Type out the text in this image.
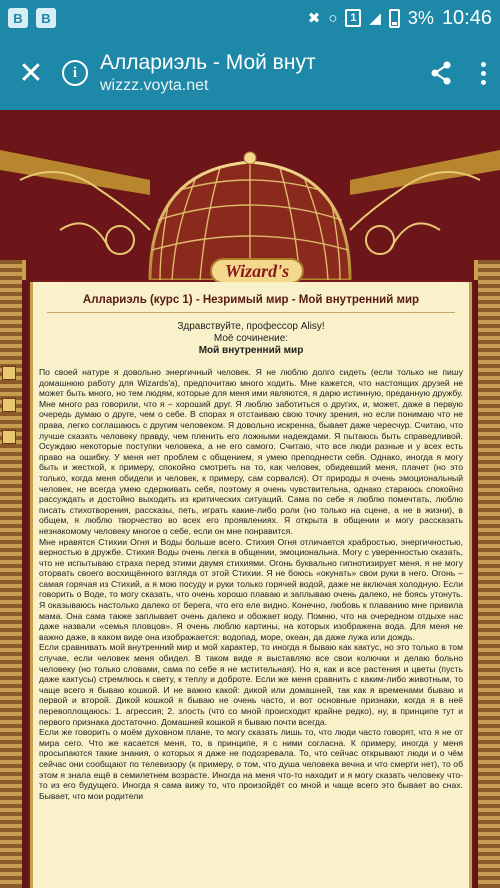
В	В	✖ ○	1 ◢ 3% 10:46
✕	i	Аллариэль - Мой внут
wizzz.voyta.net
Wizard's
Аллариэль (курс 1) - Незримый мир - Мой внутренний мир
Здравствуйте, профессор Alisy!
Моё сочинение:
Мой внутренний мир

По своей натуре я довольно энергичный человек. Я не люблю долго сидеть (если только не пишу домашнюю работу для Wizards'a), предпочитаю много ходить. Мне кажется, что настоящих друзей не может быть много, но тем людям, которые для меня ими являются, я дарю истинную, преданную дружбу. Мне много раз говорили, что я – хороший друг. Я люблю заботиться о других, и, может, даже в первую очередь думаю о друге, чем о себе. В спорах я отстаиваю свою точку зрения, но если понимаю что не права, легко соглашаюсь с другим человеком. Я довольно искренна, бывает даже чересчур. Считаю, что лучше сказать человеку правду, чем пленить его ложными надеждами. Я пытаюсь быть справедливой. Осуждаю некоторые поступки человека, а не его самого. Считаю, что все люди разные и у всех есть право на ошибку. У меня нет проблем с общением, я умею преподнести себя. Однако, иногда я могу быть и жесткой, к примеру, спокойно смотреть на то, как человек, обидевший меня, плачет (но это только, когда меня обидели и человек, к примеру, сам сорвался). От природы я очень эмоциональный человек, не всегда умею сдерживать себя, поэтому я очень чувствительна, однако стараюсь спокойно рассуждать и достойно выходить из критических ситуаций. Сама по себе я люблю помечтать, люблю писать стихотворения, рассказы, петь, играть какие-либо роли (но только на сцене, а не в жизни), в общем, я люблю творчество во всех его проявлениях. Я открыта в общении и могу рассказать незнакомому человеку многое о себе, если он мне понравится.

Мне нравятся Стихии Огня и Воды больше всего. Стихия Огня отличается храбростью, энергичностью, верностью в дружбе. Стихия Воды очень легка в общении, эмоциональна. Могу с уверенностью сказать, что не испытываю страха перед этими двумя стихиями. Огонь буквально гипнотизирует меня, я не могу оторвать своего восхищённого взгляда от этой Стихии. Я не боюсь «окунать» свои руки в него. Огонь – самая горячая из Стихий, а я мою посуду и руки только горячей водой, даже не включая холодную. Если говорить о Воде, то могу сказать, что очень хорошо плаваю и заплываю очень далеко, не боясь утонуть. Я оказываюсь настолько далеко от берега, что его еле видно. Конечно, любовь к плаванию мне привила мама. Она сама также заплывает очень далеко и обожает воду. Помню, что на очередном отдыхе нас даже назвали «семья пловцов». Я очень люблю картины, на которых изображена вода. Для меня не важно даже, в каком виде она изображается: водопад, море, океан, да даже лужа или дождь.

Если сравнивать мой внутренний мир и мой характер, то иногда я бываю как кактус, но это только в том случае, если человек меня обидел. В таком виде я выставляю все свои колючки и делаю больно человеку (но только словами, сама по себе я не мстительная). Но я, как и все растения и цветы (пусть даже кактусы) стремлюсь к свету, к теплу и доброте. Если же меня сравнить с каким-либо животным, то чаще всего я бываю кошкой. И не важно какой: дикой или домашней, так как я временами бываю и первой и второй. Дикой кошкой я бываю не очень часто, и вот основные признаки, когда я в неё перевоплощаюсь: 1. агрессия; 2. злость (что со мной происходит крайне редко), ну, в принципе тут и первого признака достаточно. Домашней кошкой я бываю почти всегда.

Если же говорить о моём духовном плане, то могу сказать лишь то, что люди часто говорят, что я не от мира сего. Что же касается меня, то, в принципе, я с ними согласна. К примеру, иногда у меня просыпаются такие знания, о которых я даже не подозревала. То, что сейчас открывают люди и о чём сейчас они сообщают по телевизору (к примеру, о том, что душа человека вечна и что смерти нет), то об этом я знала ещё в семилетнем возрасте. Иногда на меня что-то находит и я могу сказать человеку что-то из его будущего. Иногда я сама вижу то, что произойдёт со мной и чаще всего это бывает во снах. Бывает, что мои родители
